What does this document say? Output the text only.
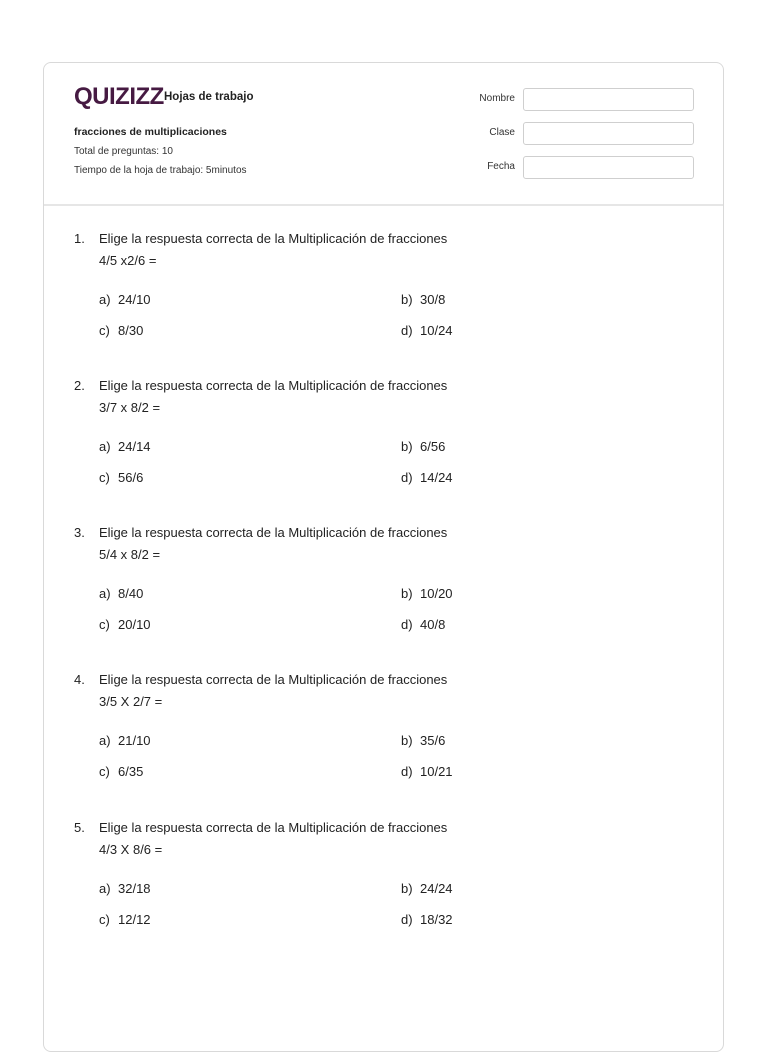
QUIZIZZ Hojas de trabajo
fracciones de multiplicaciones
Total de preguntas: 10
Tiempo de la hoja de trabajo: 5minutos
Nombre
Clase
Fecha
1. Elige la respuesta correcta de la Multiplicación de fracciones
4/5 x2/6 =
a) 24/10	b) 30/8
c) 8/30	d) 10/24
2. Elige la respuesta correcta de la Multiplicación de fracciones
3/7 x 8/2 =
a) 24/14	b) 6/56
c) 56/6	d) 14/24
3. Elige la respuesta correcta de la Multiplicación de fracciones
5/4 x 8/2 =
a) 8/40	b) 10/20
c) 20/10	d) 40/8
4. Elige la respuesta correcta de la Multiplicación de fracciones
3/5 X 2/7 =
a) 21/10	b) 35/6
c) 6/35	d) 10/21
5. Elige la respuesta correcta de la Multiplicación de fracciones
4/3 X 8/6 =
a) 32/18	b) 24/24
c) 12/12	d) 18/32
